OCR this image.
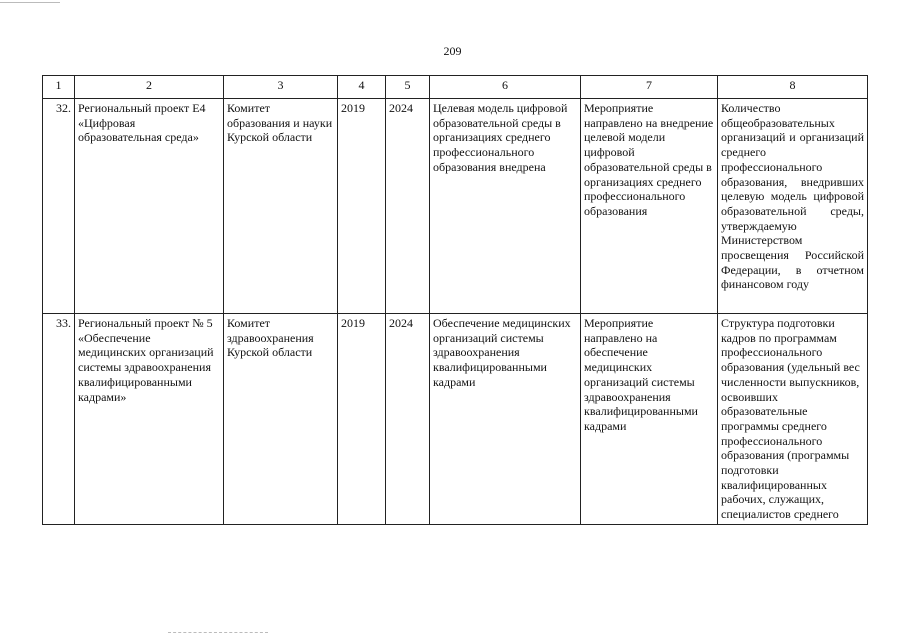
209
1	2	3	4	5	6	7	8
32.	Региональный проект E4 «Цифровая образовательная среда»	Комитет образования и науки Курской области	2019	2024	Целевая модель цифровой образовательной среды в организациях среднего профессионального образования внедрена	Мероприятие направлено на внедрение целевой модели цифровой образовательной среды в организациях среднего профессионального образования	Количество общеобразовательных организаций и организаций среднего профессионального образования, внедривших целевую модель цифровой образовательной среды, утверждаемую Министерством просвещения Российской Федерации, в отчетном финансовом году
33.	Региональный проект № 5 «Обеспечение медицинских организаций системы здравоохранения квалифицированными кадрами»	Комитет здравоохранения Курской области	2019	2024	Обеспечение медицинских организаций системы здравоохранения квалифицированными кадрами	Мероприятие направлено на обеспечение медицинских организаций системы здравоохранения квалифицированными кадрами	Структура подготовки кадров по программам профессионального образования (удельный вес численности выпускников, освоивших образовательные программы среднего профессионального образования (программы подготовки квалифицированных рабочих, служащих, специалистов среднего
